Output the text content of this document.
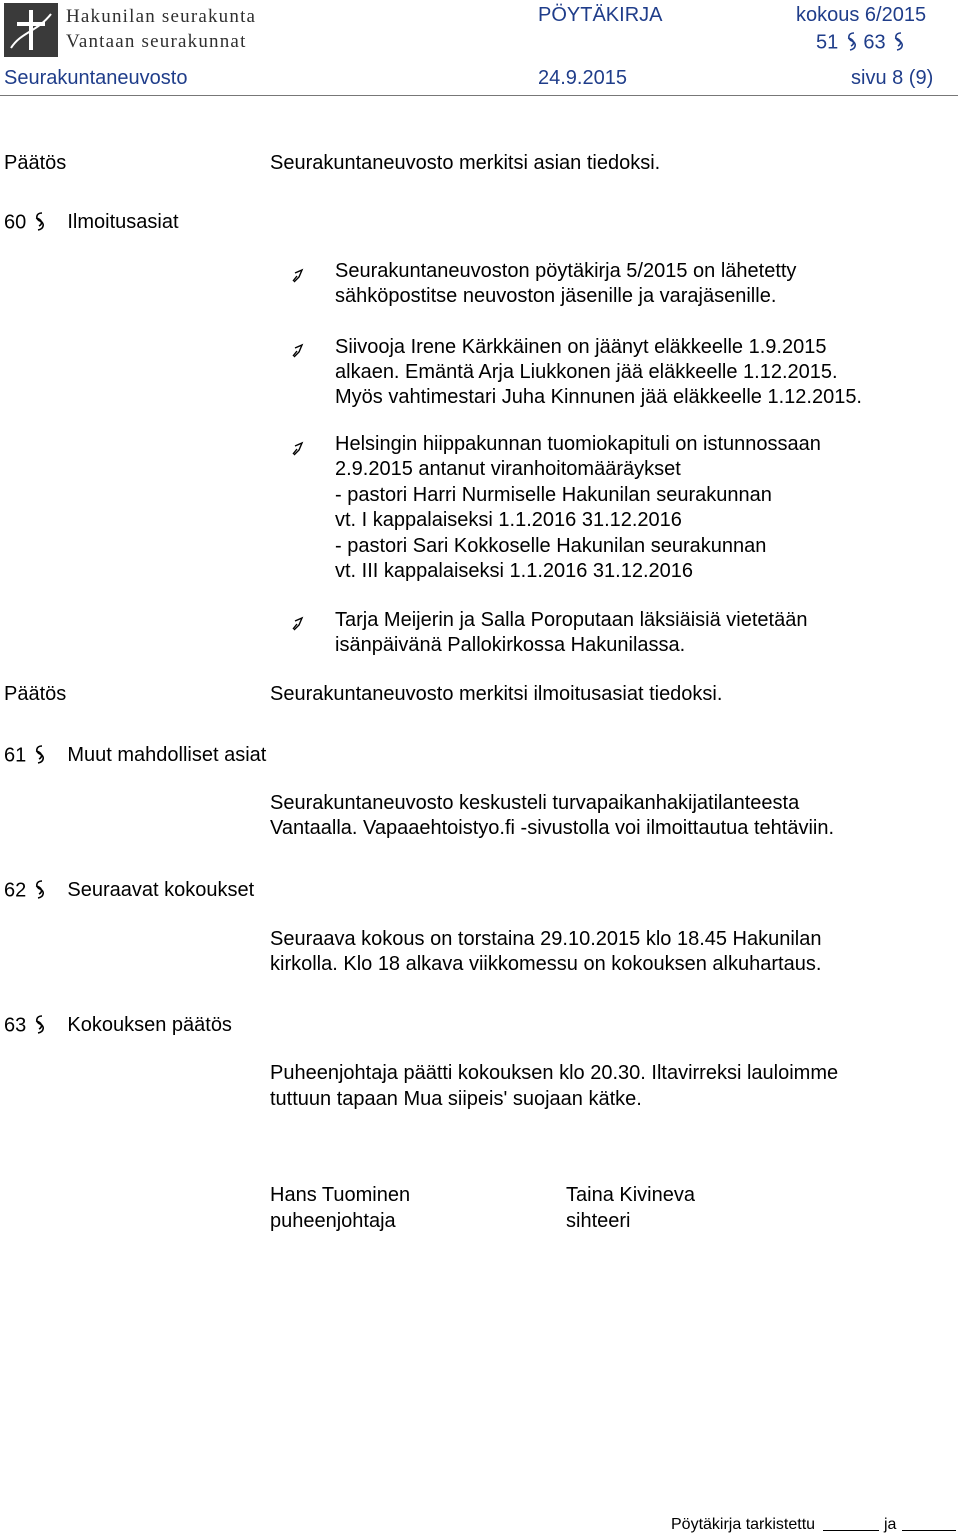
Hakunilan seurakunta
Vantaan seurakunnat
PÖYTÄKIRJA	kokous 6/2015
51 63
Seurakuntaneuvosto	24.9.2015	sivu 8 (9)
Päätös	Seurakuntaneuvosto merkitsi asian tiedoksi.
60 Ilmoitusasiat
Seurakuntaneuvoston pöytäkirja 5/2015 on lähetetty
sähköpostitse neuvoston jäsenille ja varajäsenille.
Siivooja Irene Kärkkäinen on jäänyt eläkkeelle 1.9.2015
alkaen. Emäntä Arja Liukkonen jää eläkkeelle 1.12.2015.
Myös vahtimestari Juha Kinnunen jää eläkkeelle 1.12.2015.
Helsingin hiippakunnan tuomiokapituli on istunnossaan
2.9.2015 antanut viranhoitomääräykset
- pastori Harri Nurmiselle Hakunilan seurakunnan
vt. I kappalaiseksi 1.1.2016 31.12.2016
- pastori Sari Kokkoselle Hakunilan seurakunnan
vt. III kappalaiseksi 1.1.2016 31.12.2016
Tarja Meijerin ja Salla Poroputaan läksiäisiä vietetään
isänpäivänä Pallokirkossa Hakunilassa.
Päätös	Seurakuntaneuvosto merkitsi ilmoitusasiat tiedoksi.
61 Muut mahdolliset asiat
Seurakuntaneuvosto keskusteli turvapaikanhakijatilanteesta
Vantaalla. Vapaaehtoistyo.fi -sivustolla voi ilmoittautua tehtäviin.
62 Seuraavat kokoukset
Seuraava kokous on torstaina 29.10.2015 klo 18.45 Hakunilan
kirkolla. Klo 18 alkava viikkomessu on kokouksen alkuhartaus.
63 Kokouksen päätös
Puheenjohtaja päätti kokouksen klo 20.30. Iltavirreksi lauloimme
tuttuun tapaan Mua siipeis' suojaan kätke.
Hans Tuominen
puheenjohtaja
Taina Kivineva
sihteeri
Pöytäkirja tarkistettu	ja
